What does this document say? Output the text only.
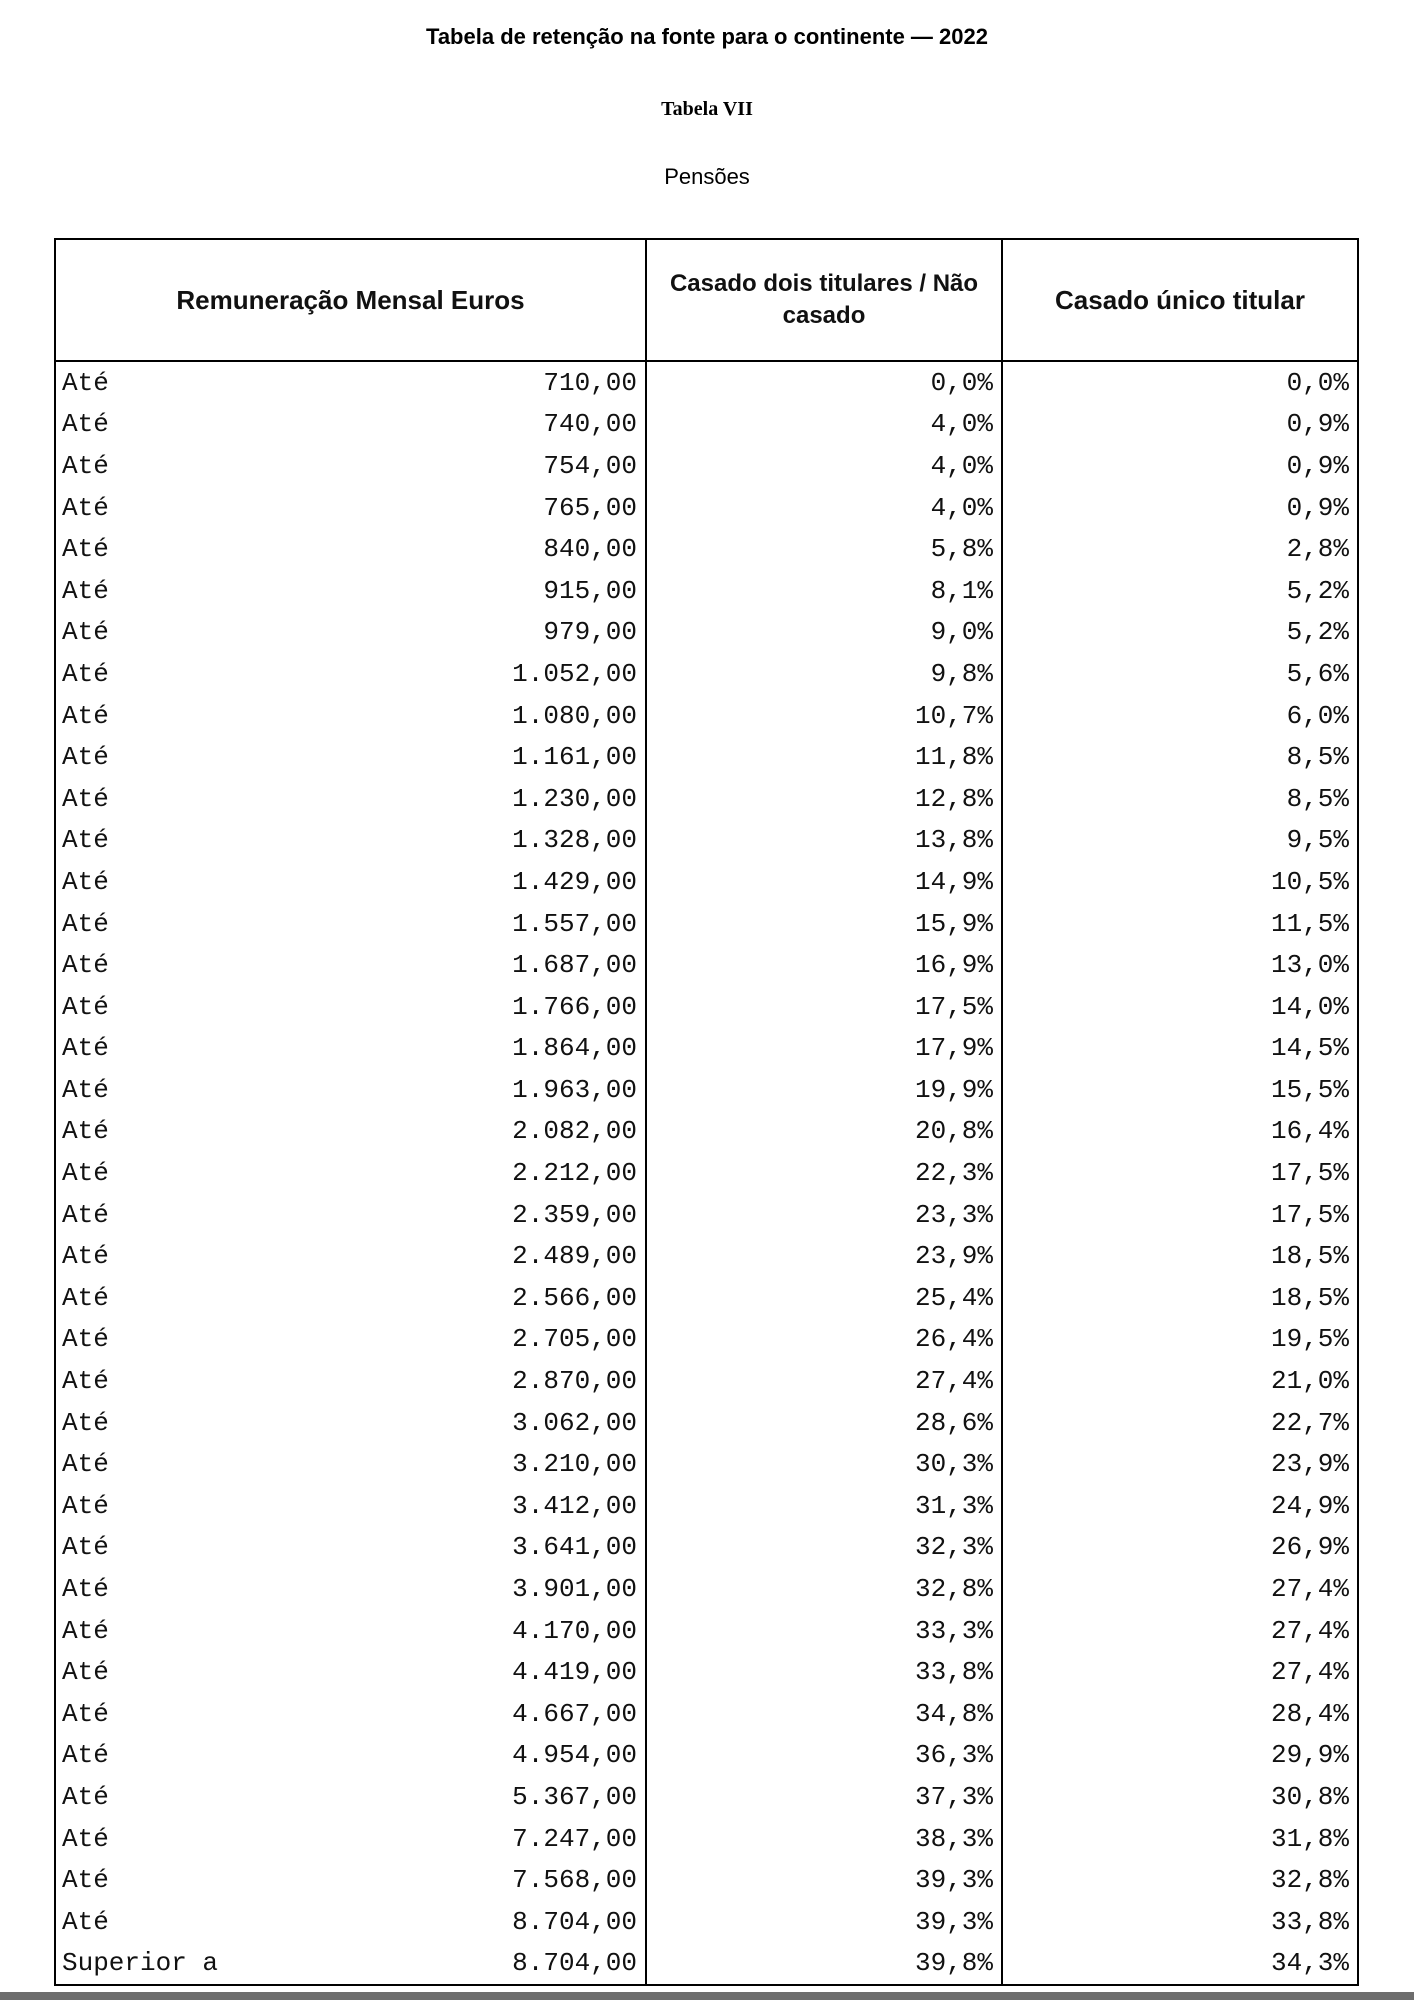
Tabela de retenção na fonte para o continente — 2022
Tabela VII
Pensões
Remuneração Mensal Euros	Casado dois titulares / Não casado	Casado único titular

Até 710,00	0,0%	0,0%

Até 740,00	4,0%	0,9%

Até 754,00	4,0%	0,9%

Até 765,00	4,0%	0,9%

Até 840,00	5,8%	2,8%

Até 915,00	8,1%	5,2%

Até 979,00	9,0%	5,2%

Até 1.052,00	9,8%	5,6%

Até 1.080,00	10,7%	6,0%

Até 1.161,00	11,8%	8,5%

Até 1.230,00	12,8%	8,5%

Até 1.328,00	13,8%	9,5%

Até 1.429,00	14,9%	10,5%

Até 1.557,00	15,9%	11,5%

Até 1.687,00	16,9%	13,0%

Até 1.766,00	17,5%	14,0%

Até 1.864,00	17,9%	14,5%

Até 1.963,00	19,9%	15,5%

Até 2.082,00	20,8%	16,4%

Até 2.212,00	22,3%	17,5%

Até 2.359,00	23,3%	17,5%

Até 2.489,00	23,9%	18,5%

Até 2.566,00	25,4%	18,5%

Até 2.705,00	26,4%	19,5%

Até 2.870,00	27,4%	21,0%

Até 3.062,00	28,6%	22,7%

Até 3.210,00	30,3%	23,9%

Até 3.412,00	31,3%	24,9%

Até 3.641,00	32,3%	26,9%

Até 3.901,00	32,8%	27,4%

Até 4.170,00	33,3%	27,4%

Até 4.419,00	33,8%	27,4%

Até 4.667,00	34,8%	28,4%

Até 4.954,00	36,3%	29,9%

Até 5.367,00	37,3%	30,8%

Até 7.247,00	38,3%	31,8%

Até 7.568,00	39,3%	32,8%

Até 8.704,00	39,3%	33,8%

Superior a 8.704,00	39,8%	34,3%
